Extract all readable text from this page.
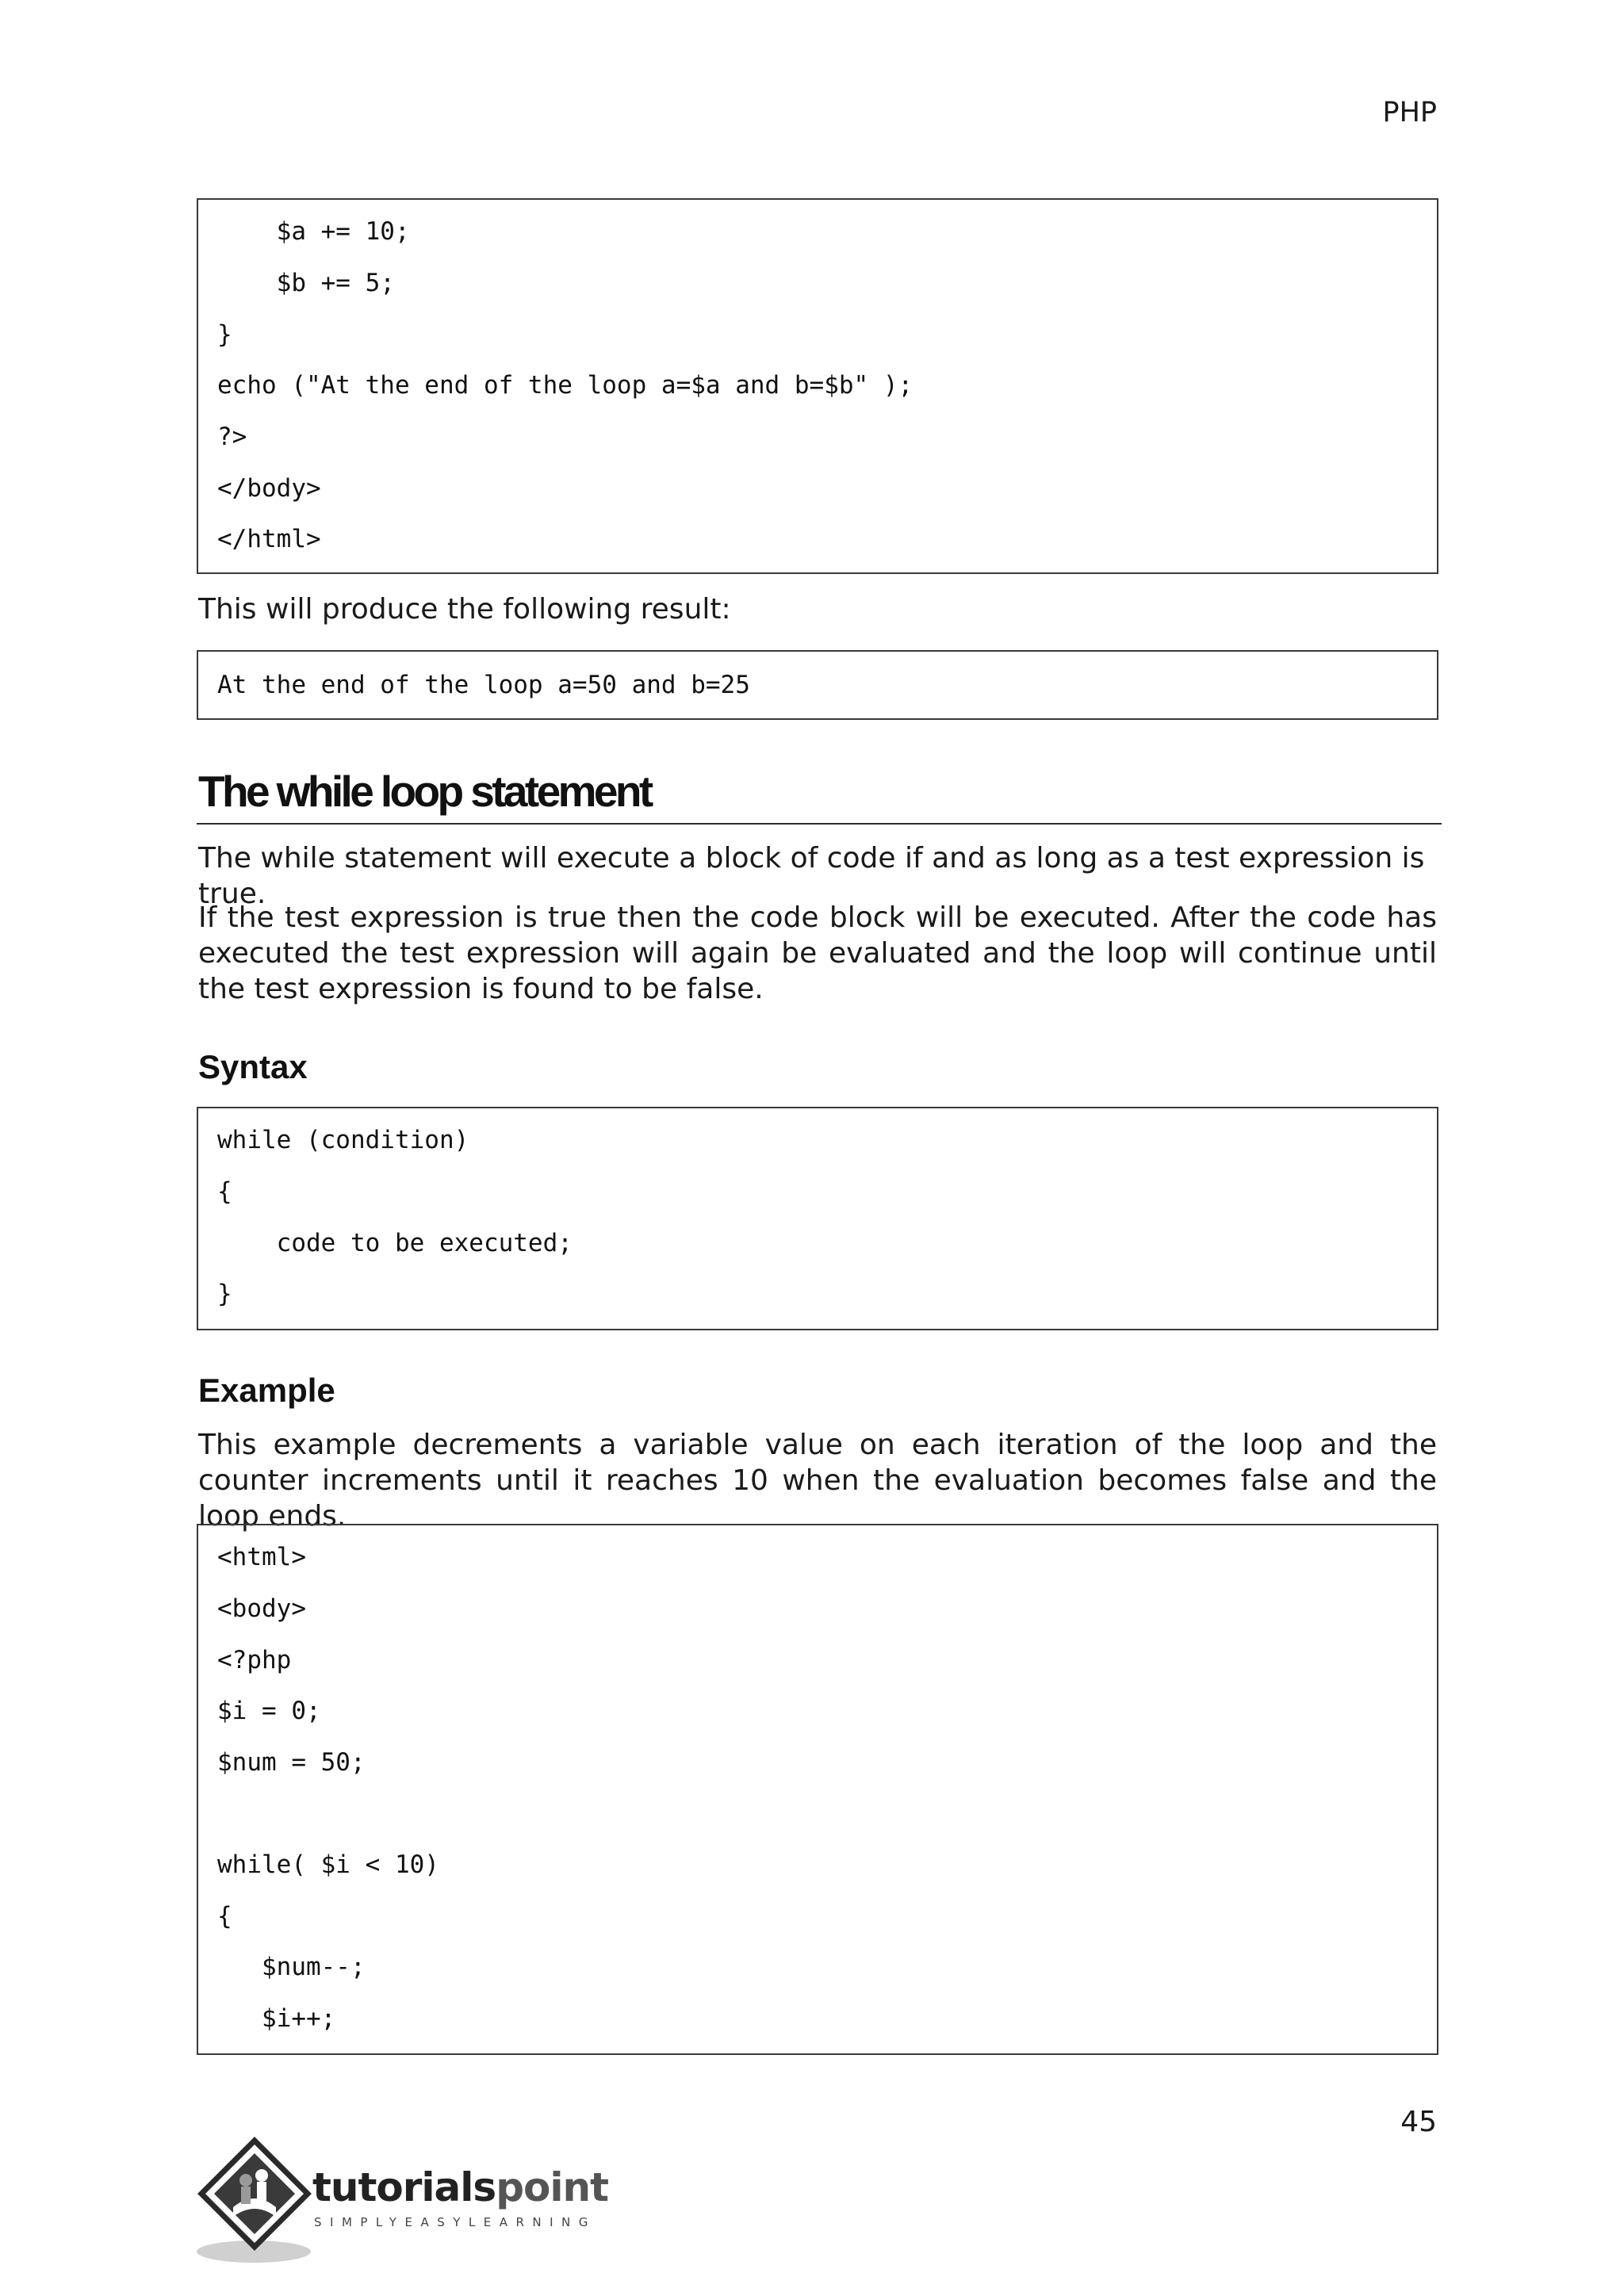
PHP
$a += 10;
$b += 5;
}
echo ("At the end of the loop a=$a and b=$b" );
?>
</body>
</html>
This will produce the following result:
At the end of the loop a=50 and b=25
The while loop statement
The while statement will execute a block of code if and as long as a test expression is true.
If the test expression is true then the code block will be executed. After the code has executed the test expression will again be evaluated and the loop will continue until the test expression is found to be false.
Syntax
while (condition)
{
code to be executed;
}
Example
This example decrements a variable value on each iteration of the loop and the counter increments until it reaches 10 when the evaluation becomes false and the loop ends.
<html>
<body>
<?php
$i = 0;
$num = 50;
while( $i < 10)
{
$num--;
$i++;
45
tutorialspoint
SIMPLYEASYLEARNING
